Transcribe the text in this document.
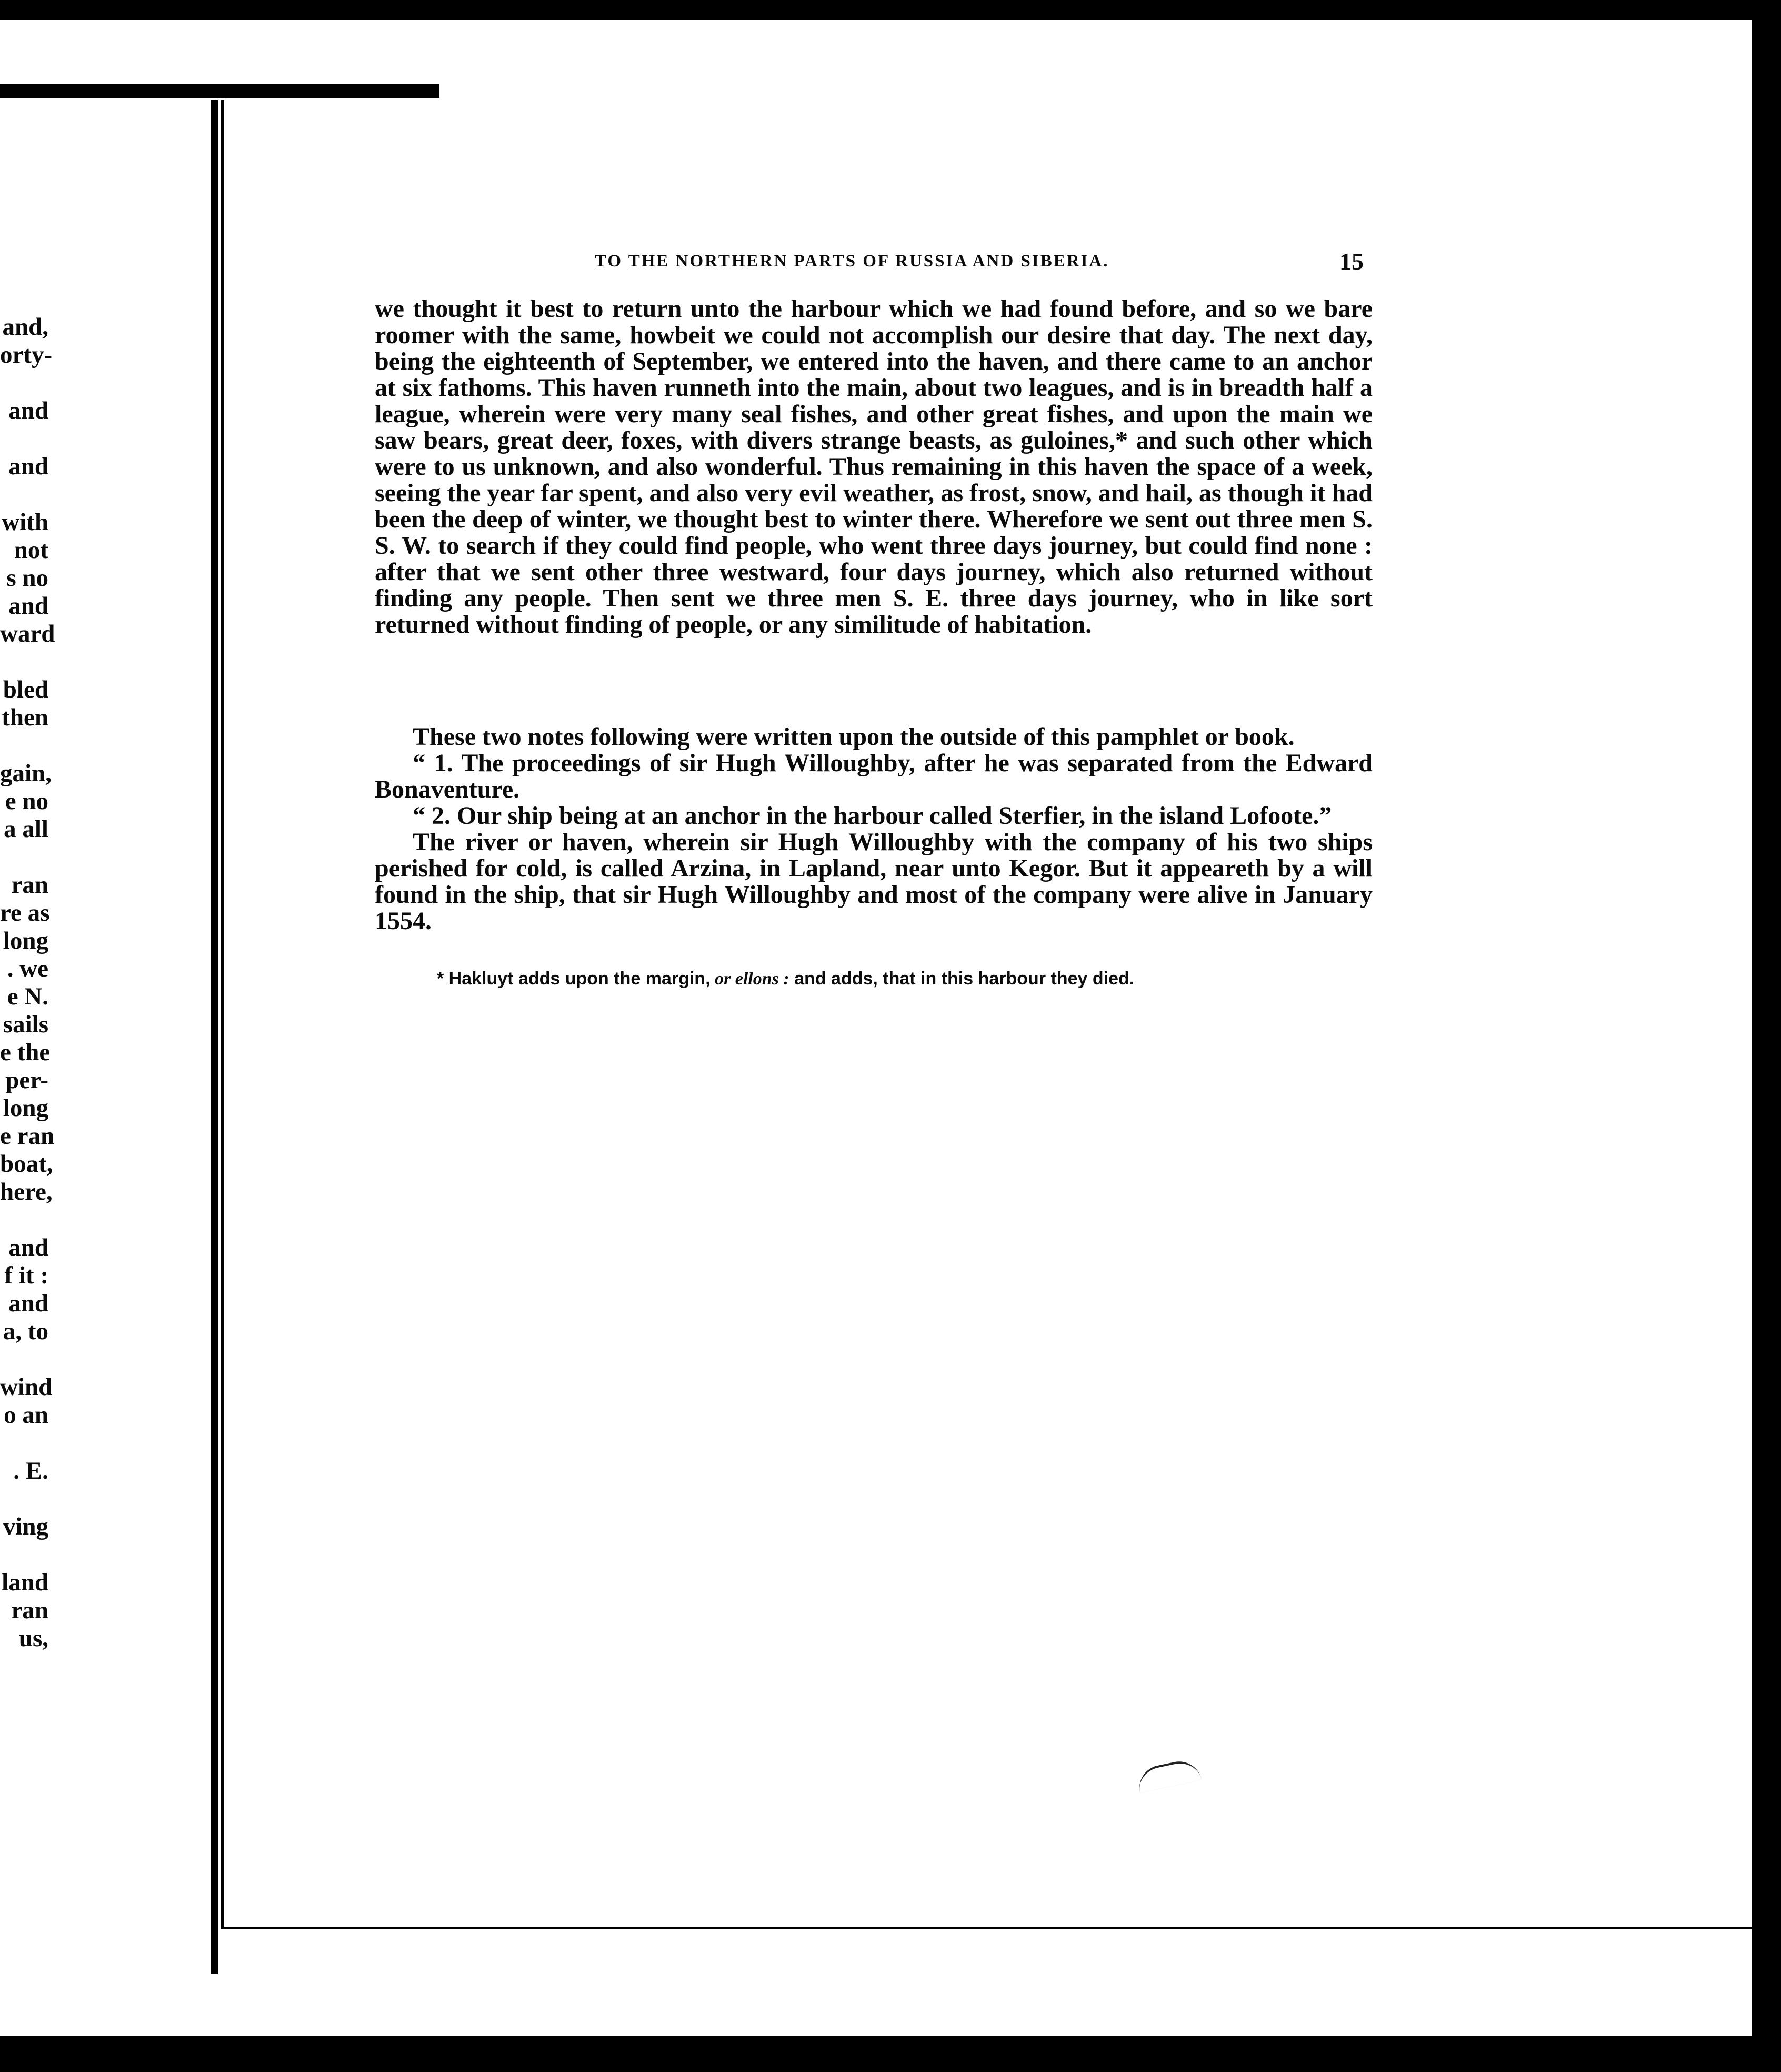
and,
orty-
and
and
with
not
s no
and
ward
bled
then
gain,
e no
a all
ran
re as
long
. we
e N.
sails
e the
per-
long
e ran
boat,
here,
and
f it :
and
a, to
wind
o an
. E.
ving
land
ran
us,
TO THE NORTHERN PARTS OF RUSSIA AND SIBERIA.	15

we thought it best to return unto the harbour which we had found before, and so we bare roomer with the same, howbeit we could not accomplish our desire that day. The next day, being the eighteenth of September, we entered into the haven, and there came to an anchor at six fathoms. This haven runneth into the main, about two leagues, and is in breadth half a league, wherein were very many seal fishes, and other great fishes, and upon the main we saw bears, great deer, foxes, with divers strange beasts, as guloines,* and such other which were to us unknown, and also wonderful. Thus remaining in this haven the space of a week, seeing the year far spent, and also very evil weather, as frost, snow, and hail, as though it had been the deep of winter, we thought best to winter there. Wherefore we sent out three men S. S. W. to search if they could find people, who went three days journey, but could find none : after that we sent other three westward, four days journey, which also returned without finding any people. Then sent we three men S. E. three days journey, who in like sort returned without finding of people, or any similitude of habitation.

These two notes following were written upon the outside of this pamphlet or book.

“ 1. The proceedings of sir Hugh Willoughby, after he was separated from the Edward Bonaventure.

“ 2. Our ship being at an anchor in the harbour called Sterfier, in the island Lofoote.”

The river or haven, wherein sir Hugh Willoughby with the company of his two ships perished for cold, is called Arzina, in Lapland, near unto Kegor. But it appeareth by a will found in the ship, that sir Hugh Willoughby and most of the company were alive in January 1554.

* Hakluyt adds upon the margin, or ellons : and adds, that in this harbour they died.
